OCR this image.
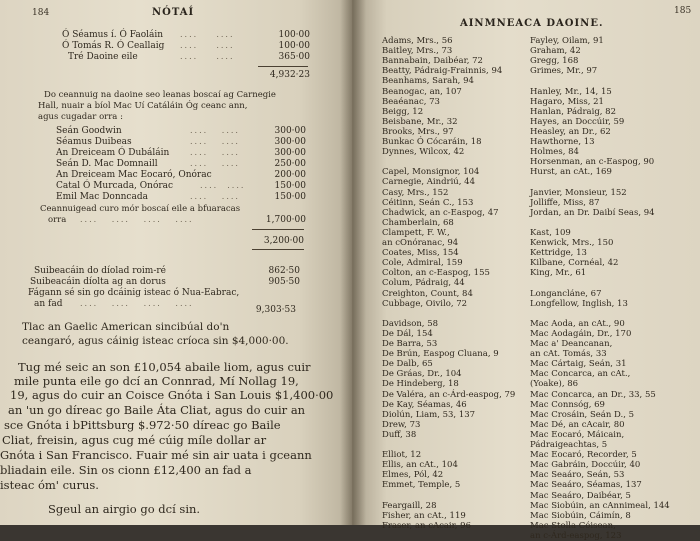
184	NÓTAÍ
Ó Séamus í. Ó Faoláin ....    ....	100·00
Ó Tomás R. Ó Ceallaig ....    ....	100·00
Tré Daoine eile	....    ....	365·00
4,932·23
Do ceannuig na daoine seo leanas boscaí ag Carnegie
Hall, nuair a bíol Mac Uí Catáláin Óg ceanc ann,
agus cugadar orra :
Seán Goodwin	....   ....	300·00
Séamus Duibeas	....   ....	300·00
An Dreiceam Ó Dubáláin	....   ....	300·00
Seán D. Mac Domnaill	....   ....	250·00
An Dreiceam Mac Eocaró, Onórac	200·00
Catal Ó Murcada, Onórac	....  ....	150·00
Emil Mac Donncada	....   ....	150·00
Ceannuigead curo mór boscaí eile a bfuaracas
orra ....   ....   ....   ....	1,700·00
3,200·00
Suibeacáin do díolad roim-ré	862·50
Suibeacáin díolta ag an dorus	905·50
Fágann sé sin go dcáinig isteac ó Nua-Eabrac,
an fad ....   ....   ....   ....
9,303·53
Tlac an Gaelic American sincibúal do'n
ceangaró, agus cáinig isteac críoca sin $4,000·00.
Tug mé seic an son £10,054 abaile liom, agus cuir
mile punta eile go dcí an Connrad, Mí Nollag 19,
19, agus do cuir an Coisce Gnóta i San Louis $1,400·00
an 'un go díreac go Baile Áta Cliat, agus do cuir an
sce Gnóta i bPittsburg $.972·50 díreac go Baile
Cliat, freisin, agus cug mé cúig míle dollar ar
Gnóta i San Francisco. Fuair mé sin air uata i gceann
bliadain eile. Sin os cionn £12,400 an fad a
isteac óm' curus.
Sgeul an airgio go dcí sin.
185
AINMNEACA DAOINE.
Adams, Mrs., 56
Baitley, Mrs., 73
Bannabain, Daibéar, 72
Beatty, Pádraig-Frainnis, 94
Beanhams, Sarah, 94
Beanogac, an, 107
Beaéanac, 73
Beigg, 12
Beisbane, Mr., 32
Brooks, Mrs., 97
Bunkac Ó Cócaráin, 18
Dynnes, Wilcox, 42
Capel, Monsignor, 104
Carnegie, Aindriú, 44
Casy, Mrs., 152
Céitinn, Seán C., 153
Chadwick, an c-Easpog, 47
Chamberlain, 68
Clampett, F. W.,
an cOnóranac, 94
Coates, Miss, 154
Cole, Admiral, 159
Colton, an c-Easpog, 155
Colum, Pádraig, 44
Creighton, Count, 84
Cubbage, Oivilo, 72
Davidson, 58
De Dál, 154
De Barra, 53
De Brún, Easpog Cluana, 9
De Dalb, 65
De Gráas, Dr., 104
De Hindeberg, 18
De Valéra, an c-Árd-easpog, 79
De Kay, Séamas, 46
Diolún, Liam, 53, 137
Drew, 73
Duff, 38
Elliot, 12
Ellis, an cAt., 104
Elmes, Pól, 42
Emmet, Temple, 5
Feargaill, 28
Fisher, an cAt., 119
Fraser, an cAcair, 96
Fayley, Oilam, 91
Graham, 42
Gregg, 168
Grimes, Mr., 97
Hanley, Mr., 14, 15
Hagaro, Miss, 21
Hanlan, Pádraig, 82
Hayes, an Doccúir, 59
Heasley, an Dr., 62
Hawthorne, 13
Holmes, 84
Horsenman, an c-Easpog, 90
Hurst, an cAt., 169
Janvier, Monsieur, 152
Jolliffe, Miss, 87
Jordan, an Dr. Daibí Seas, 94
Kast, 109
Kenwick, Mrs., 150
Kettridge, 13
Kilbane, Cornéal, 42
King, Mr., 61
Longancláne, 67
Longfellow, Inglish, 13
Mac Aoda, an cAt., 90
Mac Aodagáin, Dr., 170
Mac a' Deancanan,
an cAt. Tomás, 33
Mac Cártaig, Seán, 31
Mac Concarca, an cAt.,
(Yoake), 86
Mac Concarca, an Dr., 33, 55
Mac Connsóg, 69
Mac Crosáin, Seán D., 5
Mac Dé, an cAcair, 80
Mac Eocaró, Máicain,
Pádraigeachtas, 5
Mac Eocaró, Recorder, 5
Mac Gabráin, Doccúir, 40
Mac Seaáro, Seán, 53
Mac Seaáro, Séamas, 137
Mac Seaáro, Daibéar, 5
Mac Siobúin, an cAnnimeal, 144
Mac Siobúin, Cáimín, 8
Mac Stolla Cóisean,
an c-Árd-easpog, 123
